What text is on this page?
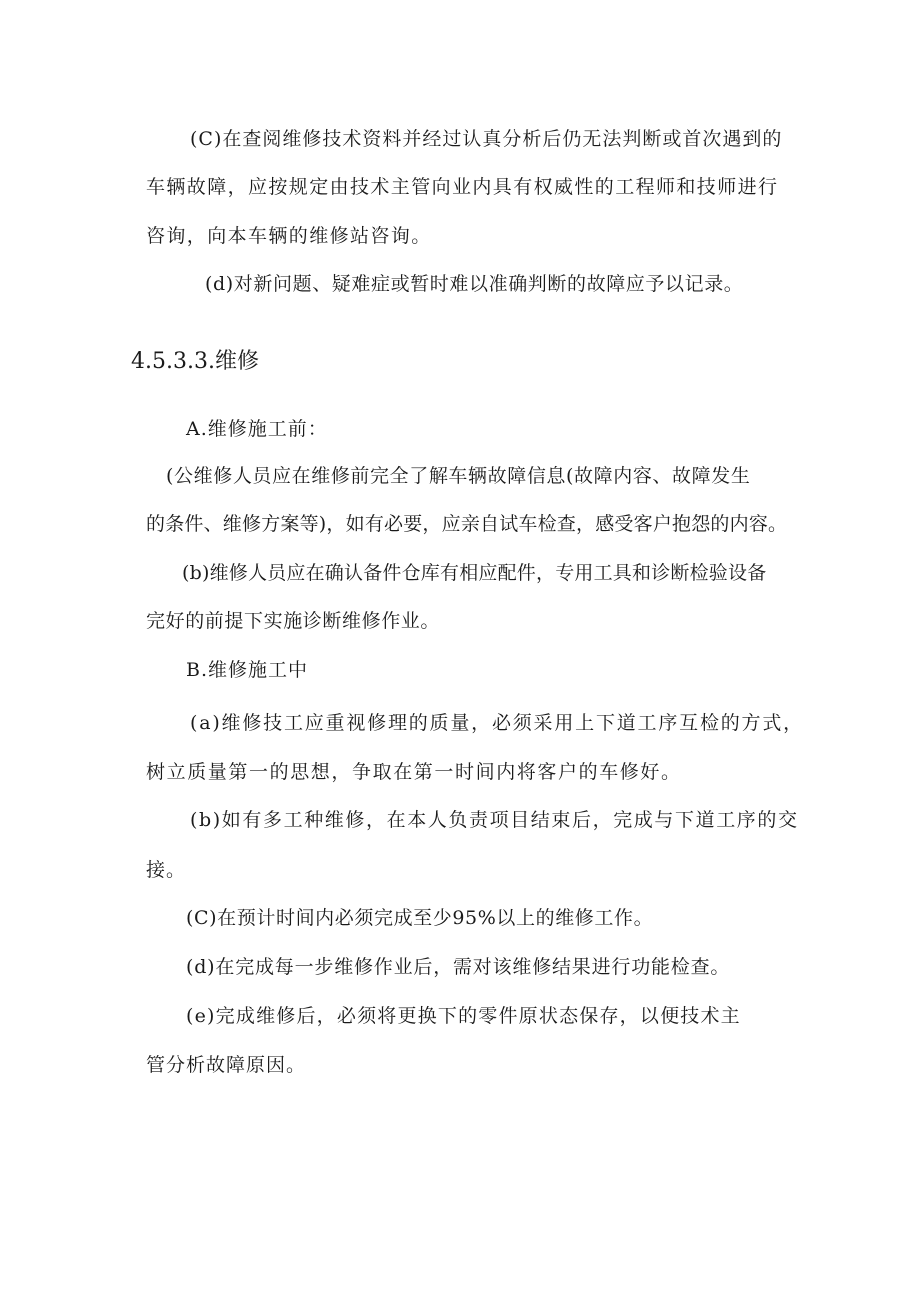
(C)在查阅维修技术资料并经过认真分析后仍无法判断或首次遇到的
车辆故障，应按规定由技术主管向业内具有权威性的工程师和技师进行
咨询，向本车辆的维修站咨询。
(d)对新问题、疑难症或暂时难以准确判断的故障应予以记录。
4.5.3.3.维修
A.维修施工前：
(公维修人员应在维修前完全了解车辆故障信息(故障内容、故障发生
的条件、维修方案等)，如有必要，应亲自试车检查，感受客户抱怨的内容。
(b)维修人员应在确认备件仓库有相应配件，专用工具和诊断检验设备
完好的前提下实施诊断维修作业。
B.维修施工中
(a)维修技工应重视修理的质量，必须采用上下道工序互检的方式，
树立质量第一的思想，争取在第一时间内将客户的车修好。
(b)如有多工种维修，在本人负责项目结束后，完成与下道工序的交
接。
(C)在预计时间内必须完成至少95%以上的维修工作。
(d)在完成每一步维修作业后，需对该维修结果进行功能检查。
(e)完成维修后，必须将更换下的零件原状态保存，以便技术主
管分析故障原因。
